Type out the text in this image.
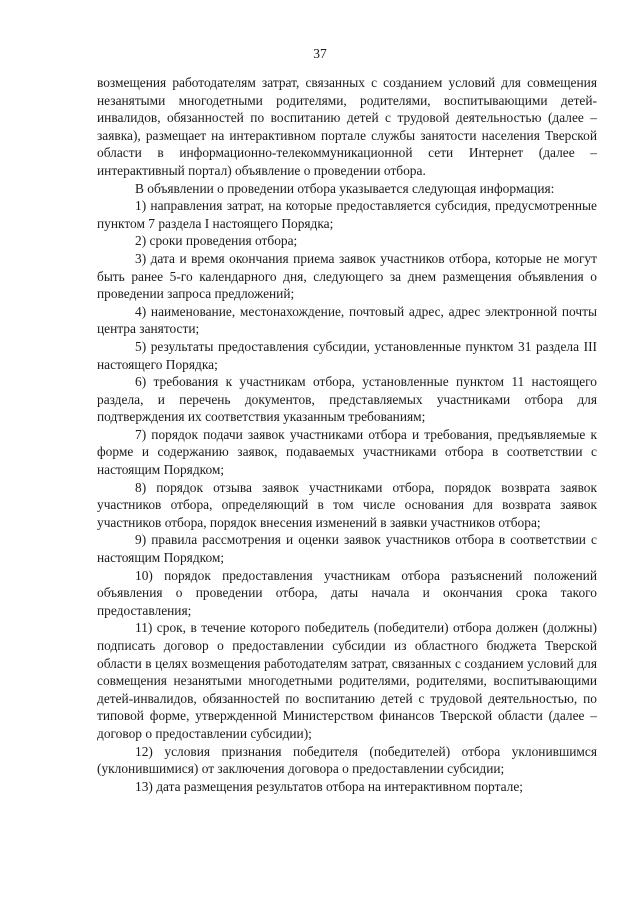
37

возмещения работодателям затрат, связанных с созданием условий для совмещения незанятыми многодетными родителями, родителями, воспитывающими детей-инвалидов, обязанностей по воспитанию детей с трудовой деятельностью (далее – заявка), размещает на интерактивном портале службы занятости населения Тверской области в информационно-телекоммуникационной сети Интернет (далее – интерактивный портал) объявление о проведении отбора.

В объявлении о проведении отбора указывается следующая информация:

1) направления затрат, на которые предоставляется субсидия, предусмотренные пунктом 7 раздела I настоящего Порядка;

2) сроки проведения отбора;

3) дата и время окончания приема заявок участников отбора, которые не могут быть ранее 5-го календарного дня, следующего за днем размещения объявления о проведении запроса предложений;

4) наименование, местонахождение, почтовый адрес, адрес электронной почты центра занятости;

5) результаты предоставления субсидии, установленные пунктом 31 раздела III настоящего Порядка;

6) требования к участникам отбора, установленные пунктом 11 настоящего раздела, и перечень документов, представляемых участниками отбора для подтверждения их соответствия указанным требованиям;

7) порядок подачи заявок участниками отбора и требования, предъявляемые к форме и содержанию заявок, подаваемых участниками отбора в соответствии с настоящим Порядком;

8) порядок отзыва заявок участниками отбора, порядок возврата заявок участников отбора, определяющий в том числе основания для возврата заявок участников отбора, порядок внесения изменений в заявки участников отбора;

9) правила рассмотрения и оценки заявок участников отбора в соответствии с настоящим Порядком;

10) порядок предоставления участникам отбора разъяснений положений объявления о проведении отбора, даты начала и окончания срока такого предоставления;

11) срок, в течение которого победитель (победители) отбора должен (должны) подписать договор о предоставлении субсидии из областного бюджета Тверской области в целях возмещения работодателям затрат, связанных с созданием условий для совмещения незанятыми многодетными родителями, родителями, воспитывающими детей-инвалидов, обязанностей по воспитанию детей с трудовой деятельностью, по типовой форме, утвержденной Министерством финансов Тверской области (далее – договор о предоставлении субсидии);

12) условия признания победителя (победителей) отбора уклонившимся (уклонившимися) от заключения договора о предоставлении субсидии;

13) дата размещения результатов отбора на интерактивном портале;
